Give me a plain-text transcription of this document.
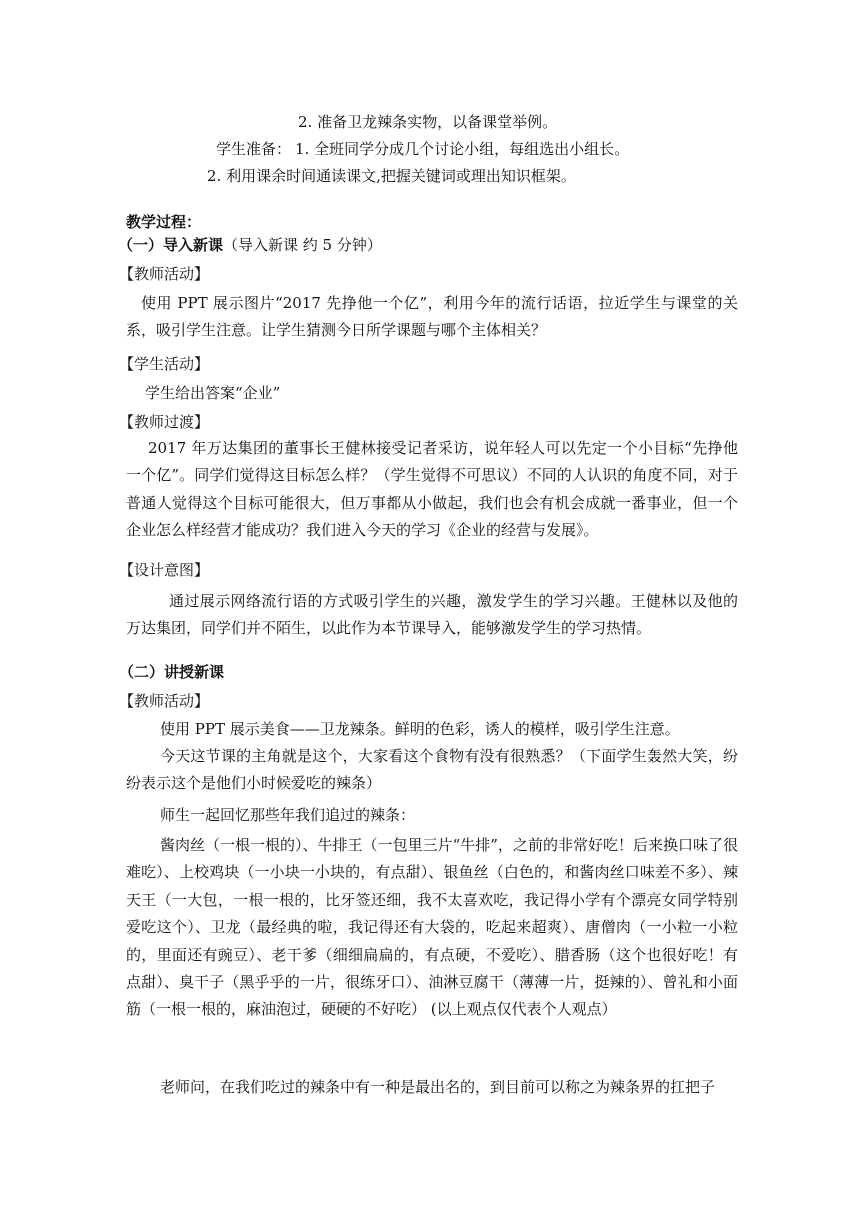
2. 准备卫龙辣条实物，以备课堂举例。
学生准备： 1. 全班同学分成几个讨论小组，每组选出小组长。
2. 利用课余时间通读课文,把握关键词或理出知识框架。
教学过程：
（一）导入新课（导入新课 约 5 分钟）
【教师活动】
使用 PPT 展示图片“2017 先挣他一个亿”，利用今年的流行话语，拉近学生与课堂的关系，吸引学生注意。让学生猜测今日所学课题与哪个主体相关？
【学生活动】
学生给出答案“企业”
【教师过渡】
2017 年万达集团的董事长王健林接受记者采访，说年轻人可以先定一个小目标“先挣他一个亿”。同学们觉得这目标怎么样？（学生觉得不可思议）不同的人认识的角度不同，对于普通人觉得这个目标可能很大，但万事都从小做起，我们也会有机会成就一番事业，但一个企业怎么样经营才能成功？我们进入今天的学习《企业的经营与发展》。
【设计意图】
通过展示网络流行语的方式吸引学生的兴趣，激发学生的学习兴趣。王健林以及他的万达集团，同学们并不陌生，以此作为本节课导入，能够激发学生的学习热情。
（二）讲授新课
【教师活动】
使用 PPT 展示美食——卫龙辣条。鲜明的色彩，诱人的模样，吸引学生注意。
今天这节课的主角就是这个，大家看这个食物有没有很熟悉？（下面学生轰然大笑，纷纷表示这个是他们小时候爱吃的辣条）
师生一起回忆那些年我们追过的辣条：
酱肉丝（一根一根的）、牛排王（一包里三片“牛排”，之前的非常好吃！后来换口味了很难吃）、上校鸡块（一小块一小块的，有点甜）、银鱼丝（白色的，和酱肉丝口味差不多）、辣天王（一大包，一根一根的，比牙签还细，我不太喜欢吃，我记得小学有个漂亮女同学特别爱吃这个）、卫龙（最经典的啦，我记得还有大袋的，吃起来超爽）、唐僧肉（一小粒一小粒的，里面还有豌豆）、老干爹（细细扁扁的，有点硬，不爱吃）、腊香肠（这个也很好吃！有点甜）、臭干子（黑乎乎的一片，很练牙口）、油淋豆腐干（薄薄一片，挺辣的）、曾礼和小面筋（一根一根的，麻油泡过，硬硬的不好吃） (以上观点仅代表个人观点）
老师问，在我们吃过的辣条中有一种是最出名的，到目前可以称之为辣条界的扛把子
